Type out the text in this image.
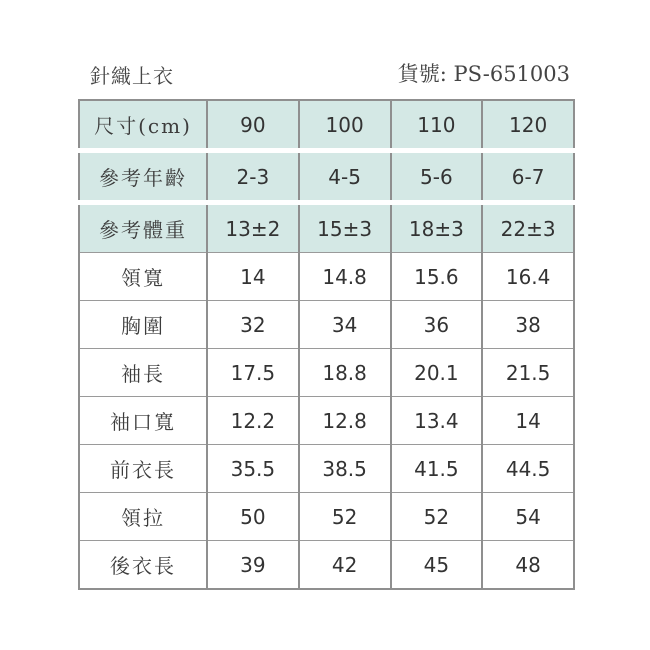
針織上衣	貨號: PS-651003
尺寸(cm)	90	100	110	120
參考年齡	2-3	4-5	5-6	6-7
參考體重	13±2	15±3	18±3	22±3
領寬	14	14.8	15.6	16.4
胸圍	32	34	36	38
袖長	17.5	18.8	20.1	21.5
袖口寬	12.2	12.8	13.4	14
前衣長	35.5	38.5	41.5	44.5
領拉	50	52	52	54
後衣長	39	42	45	48
